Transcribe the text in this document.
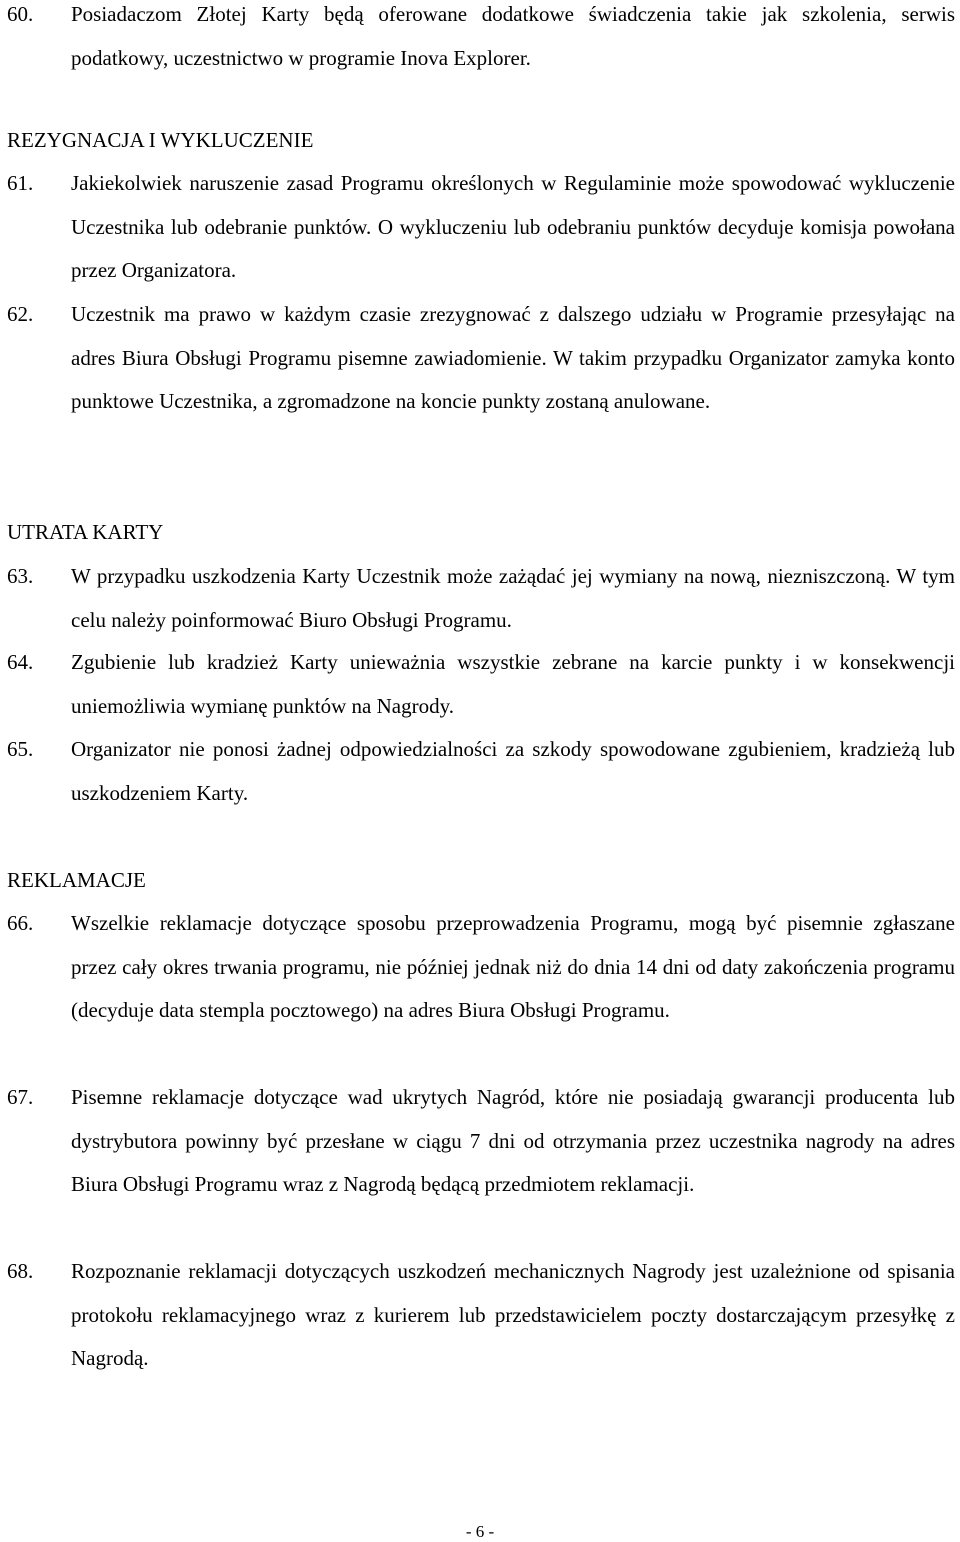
60.	Posiadaczom Złotej Karty będą oferowane dodatkowe świadczenia takie jak szkolenia, serwis podatkowy, uczestnictwo w programie Inova Explorer.
REZYGNACJA I WYKLUCZENIE
61.	Jakiekolwiek naruszenie zasad Programu określonych w Regulaminie może spowodować wykluczenie Uczestnika lub odebranie punktów. O wykluczeniu lub odebraniu punktów decyduje komisja powołana przez Organizatora.
62.	Uczestnik ma prawo w każdym czasie zrezygnować z dalszego udziału w Programie przesyłając na adres Biura Obsługi Programu pisemne zawiadomienie. W takim przypadku Organizator zamyka konto punktowe Uczestnika, a zgromadzone na koncie punkty zostaną anulowane.
UTRATA KARTY
63.	W przypadku uszkodzenia Karty Uczestnik może zażądać jej wymiany na nową, niezniszczoną. W tym celu należy poinformować Biuro Obsługi Programu.
64.	Zgubienie lub kradzież Karty unieważnia wszystkie zebrane na karcie punkty i w konsekwencji uniemożliwia wymianę punktów na Nagrody.
65.	Organizator nie ponosi żadnej odpowiedzialności za szkody spowodowane zgubieniem, kradzieżą lub uszkodzeniem Karty.
REKLAMACJE
66.	Wszelkie reklamacje dotyczące sposobu przeprowadzenia Programu, mogą być pisemnie zgłaszane przez cały okres trwania programu, nie później jednak niż do dnia 14 dni od daty zakończenia programu (decyduje data stempla pocztowego) na adres Biura Obsługi Programu.
67.	Pisemne reklamacje dotyczące wad ukrytych Nagród, które nie posiadają gwarancji producenta lub dystrybutora powinny być przesłane w ciągu 7 dni od otrzymania przez uczestnika nagrody na adres Biura Obsługi Programu wraz z Nagrodą będącą przedmiotem reklamacji.
68.	Rozpoznanie reklamacji dotyczących uszkodzeń mechanicznych Nagrody jest uzależnione od spisania protokołu reklamacyjnego wraz z kurierem lub przedstawicielem poczty dostarczającym przesyłkę z Nagrodą.
- 6 -
